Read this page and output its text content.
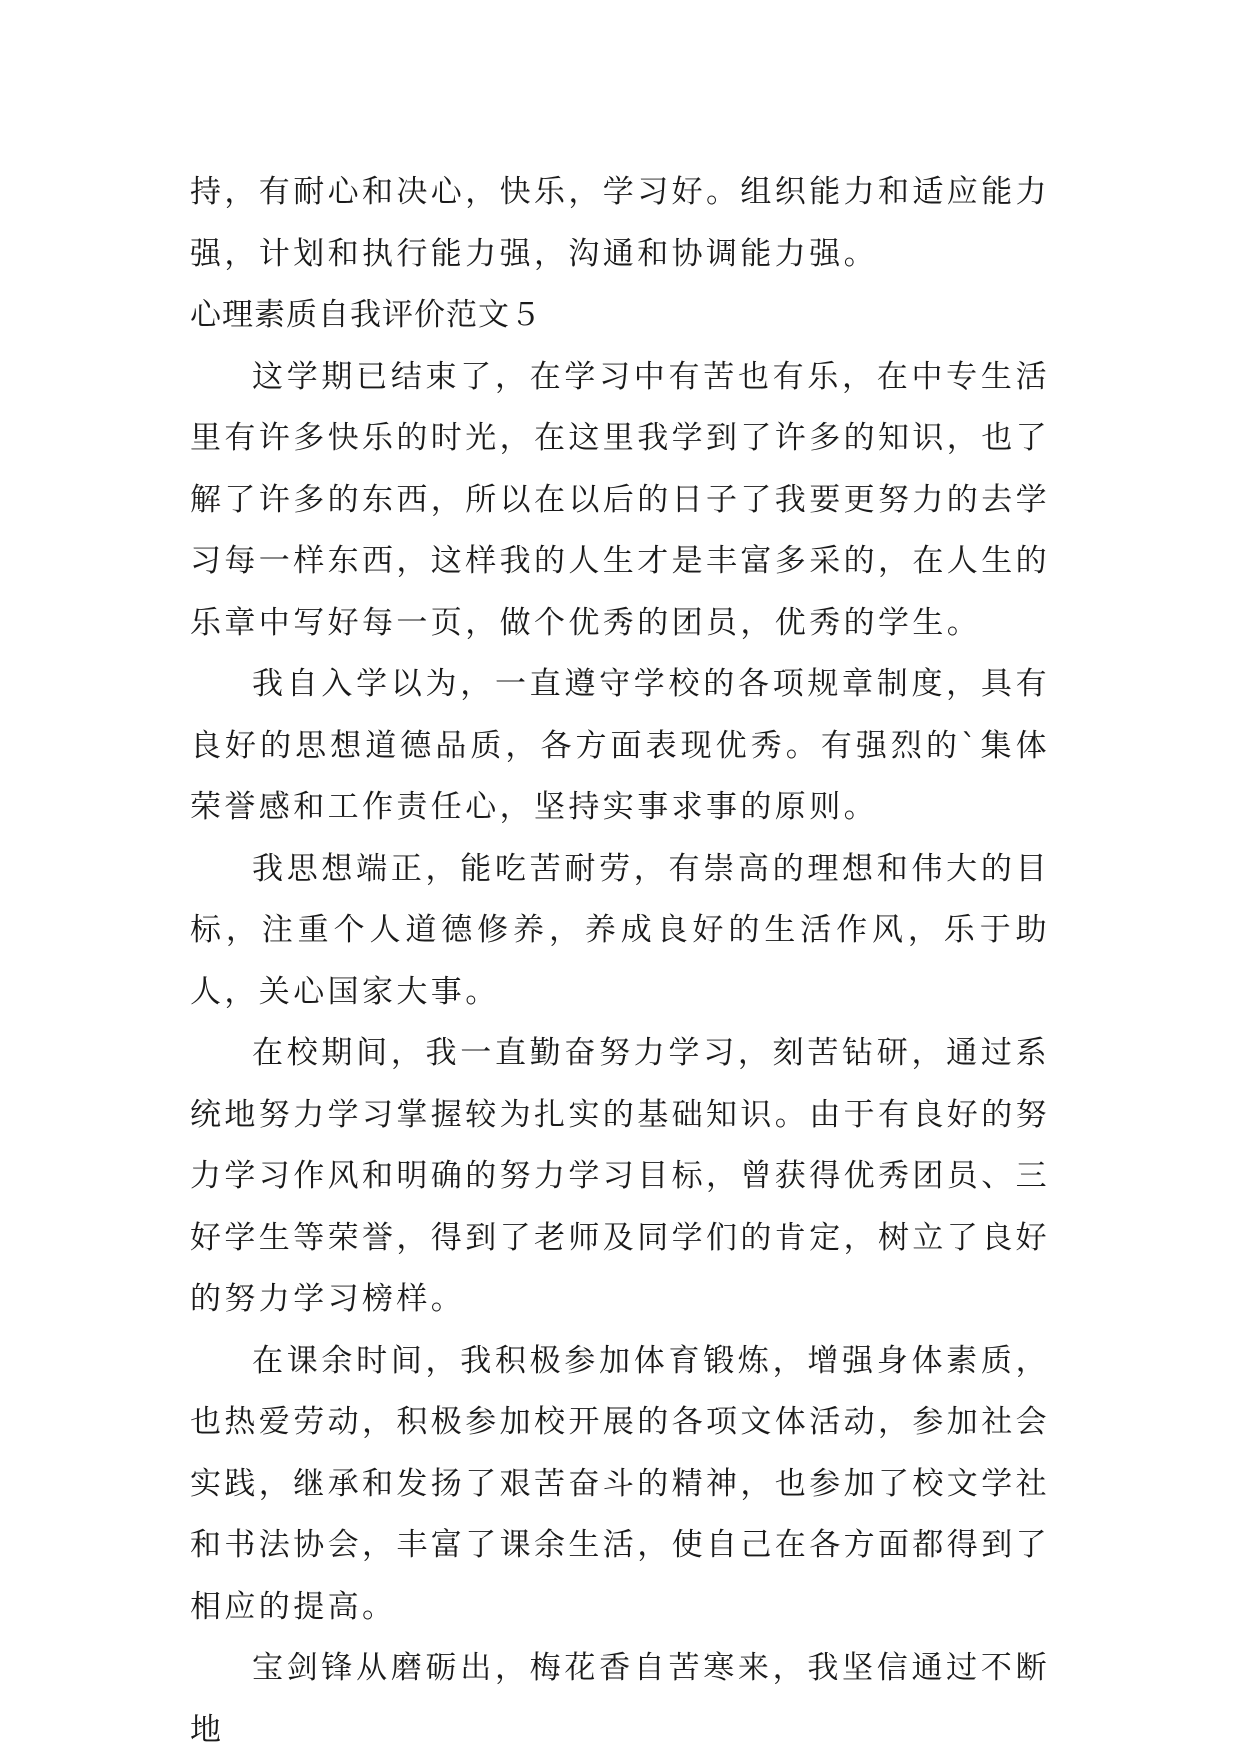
持，有耐心和决心，快乐，学习好。组织能力和适应能力强，计划和执行能力强，沟通和协调能力强。

心理素质自我评价范文５

这学期已结束了，在学习中有苦也有乐，在中专生活里有许多快乐的时光，在这里我学到了许多的知识，也了解了许多的东西，所以在以后的日子了我要更努力的去学习每一样东西，这样我的人生才是丰富多采的，在人生的乐章中写好每一页，做个优秀的团员，优秀的学生。

我自入学以为，一直遵守学校的各项规章制度，具有良好的思想道德品质，各方面表现优秀。有强烈的`集体荣誉感和工作责任心，坚持实事求事的原则。

我思想端正，能吃苦耐劳，有崇高的理想和伟大的目标，注重个人道德修养，养成良好的生活作风，乐于助人，关心国家大事。

在校期间，我一直勤奋努力学习，刻苦钻研，通过系统地努力学习掌握较为扎实的基础知识。由于有良好的努力学习作风和明确的努力学习目标，曾获得优秀团员、三好学生等荣誉，得到了老师及同学们的肯定，树立了良好的努力学习榜样。

在课余时间，我积极参加体育锻炼，增强身体素质，也热爱劳动，积极参加校开展的各项文体活动，参加社会实践，继承和发扬了艰苦奋斗的精神，也参加了校文学社和书法协会，丰富了课余生活，使自己在各方面都得到了相应的提高。

宝剑锋从磨砺出，梅花香自苦寒来，我坚信通过不断地
